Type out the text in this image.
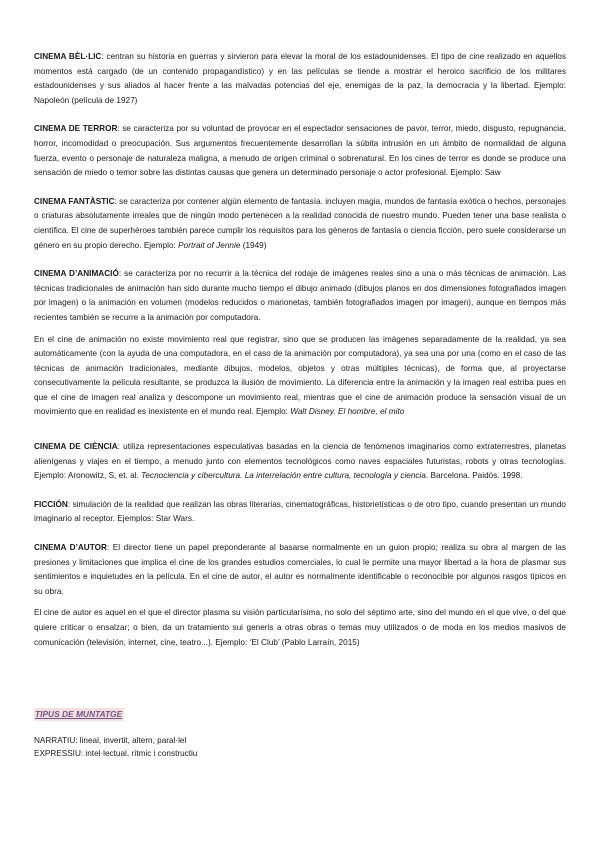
CINEMA BÈL·LIC: centran su historia en guerras y sirvieron para elevar la moral de los estadounidenses. El tipo de cine realizado en aquellos momentos está cargado (de un contenido propagandístico) y en las películas se tiende a mostrar el heroico sacrificio de los militares estadounidenses y sus aliados al hacer frente a las malvadas potencias del eje, enemigas de la paz, la democracia y la libertad. Ejemplo: Napoleón (película de 1927)

CINEMA DE TERROR: se caracteriza por su voluntad de provocar en el espectador sensaciones de pavor, terror, miedo, disgusto, repugnancia, horror, incomodidad o preocupación. Sus argumentos frecuentemente desarrollan la súbita intrusión en un ámbito de normalidad de alguna fuerza, evento o personaje de naturaleza maligna, a menudo de origen criminal o sobrenatural. En los cines de terror es donde se produce una sensación de miedo o temor sobre las distintas causas que genera un determinado personaje o actor profesional. Ejemplo: Saw

CINEMA FANTÀSTIC: se caracteriza por contener algún elemento de fantasía. incluyen magia, mundos de fantasía exótica o hechos, personajes o criaturas absolutamente irreales que de ningún modo pertenecen a la realidad conocida de nuestro mundo. Pueden tener una base realista o científica. El cine de superhéroes también parece cumplir los requisitos para los géneros de fantasía o ciencia ficción, pero suele considerarse un género en su propio derecho. Ejemplo: Portrait of Jennie (1949)

CINEMA D’ANIMACIÓ: se caracteriza por no recurrir a la técnica del rodaje de imágenes reales sino a una o más técnicas de animación. Las técnicas tradicionales de animación han sido durante mucho tiempo el dibujo animado (dibujos planos en dos dimensiones fotografiados imagen por imagen) o la animación en volumen (modelos reducidos o marionetas, también fotografiados imagen por imagen), aunque en tiempos más recientes también se recurre a la animación por computadora.

En el cine de animación no existe movimiento real que registrar, sino que se producen las imágenes separadamente de la realidad, ya sea automáticamente (con la ayuda de una computadora, en el caso de la animación por computadora), ya sea una por una (como en el caso de las técnicas de animación tradicionales, mediante dibujos, modelos, objetos y otras múltiples técnicas), de forma que, al proyectarse consecutivamente la película resultante, se produzca la ilusión de movimiento. La diferencia entre la animación y la imagen real estriba pues en que el cine de imagen real analiza y descompone un movimiento real, mientras que el cine de animación produce la sensación visual de un movimiento que en realidad es inexistente en el mundo real. Ejemplo: Walt Disney. El hombre, el mito

CINEMA DE CIÈNCIA: utiliza representaciones especulativas basadas en la ciencia de fenómenos imaginarios como extraterrestres, planetas alienígenas y viajes en el tiempo, a menudo junto con elementos tecnológicos como naves espaciales futuristas, robots y otras tecnologías. Ejemplo: Aronowitz, S, et. al. Tecnociencia y cibercultura. La interrelación entre cultura, tecnología y ciencia. Barcelona. Paidós. 1998.

FICCIÓN: simulación de la realidad que realizan las obras literarias, cinematográficas, historietísticas o de otro tipo, cuando presentan un mundo imaginario al receptor. Ejemplos: Star Wars.

CINEMA D’AUTOR: El director tiene un papel preponderante al basarse normalmente en un guion propio; realiza su obra al margen de las presiones y limitaciones que implica el cine de los grandes estudios comerciales, lo cual le permite una mayor libertad a la hora de plasmar sus sentimientos e inquietudes en la película. En el cine de autor, el autor es normalmente identificable o reconocible por algunos rasgos típicos en su obra.

El cine de autor es aquel en el que el director plasma su visión particularísima, no solo del séptimo arte, sino del mundo en el que vive, o del que quiere criticar o ensalzar; o bien, da un tratamiento sui generis a otras obras o temas muy utilizados o de moda en los medios masivos de comunicación (televisión, internet, cine, teatro...). Ejemplo: ‘El Club’ (Pablo Larraín, 2015)

TIPUS DE MUNTATGE
NARRATIU: lineal, invertit, altern, paral·lel
EXPRESSIU: intel·lectual, rítmic i constructiu
